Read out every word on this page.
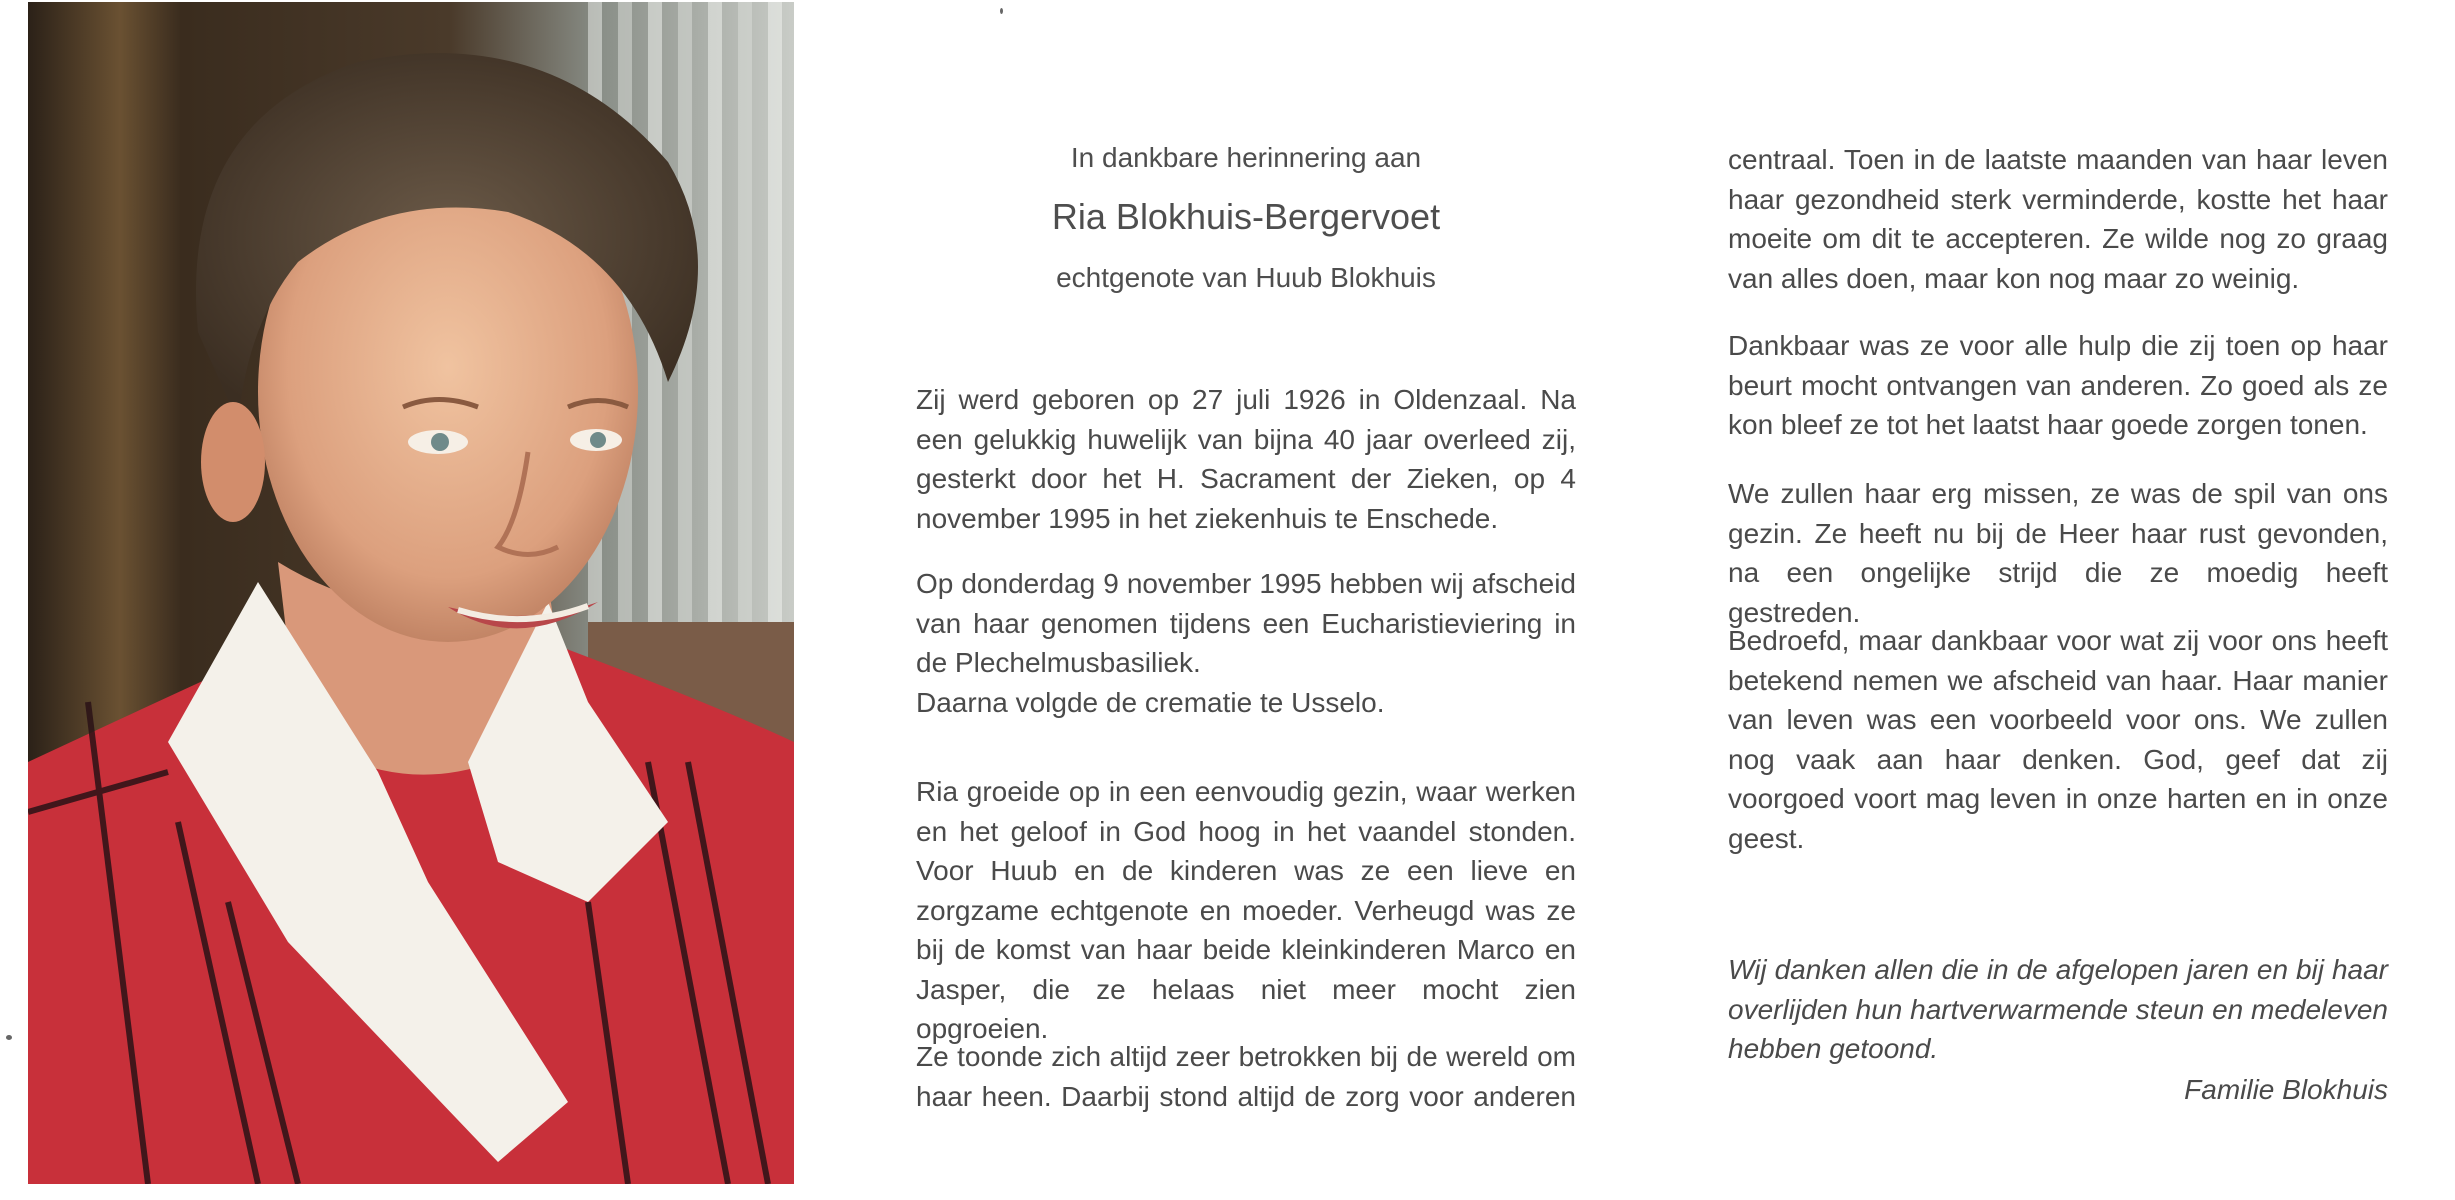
In dankbare herinnering aan
Ria Blokhuis-Bergervoet
echtgenote van Huub Blokhuis

Zij werd geboren op 27 juli 1926 in Oldenzaal. Na een gelukkig huwelijk van bijna 40 jaar overleed zij, gesterkt door het H. Sacrament der Zieken, op 4 november 1995 in het ziekenhuis te Enschede.

Op donderdag 9 november 1995 hebben wij afscheid van haar genomen tijdens een Eucharistieviering in de Plechelmusbasiliek.

Daarna volgde de crematie te Usselo.

Ria groeide op in een eenvoudig gezin, waar werken en het geloof in God hoog in het vaandel stonden. Voor Huub en de kinderen was ze een lieve en zorgzame echtgenote en moeder. Verheugd was ze bij de komst van haar beide kleinkinderen Marco en Jasper, die ze helaas niet meer mocht zien opgroeien.

Ze toonde zich altijd zeer betrokken bij de wereld om haar heen. Daarbij stond altijd de zorg voor anderen

centraal. Toen in de laatste maanden van haar leven haar gezondheid sterk verminderde, kostte het haar moeite om dit te accepteren. Ze wilde nog zo graag van alles doen, maar kon nog maar zo weinig.

Dankbaar was ze voor alle hulp die zij toen op haar beurt mocht ontvangen van anderen. Zo goed als ze kon bleef ze tot het laatst haar goede zorgen tonen.

We zullen haar erg missen, ze was de spil van ons gezin. Ze heeft nu bij de Heer haar rust gevonden, na een ongelijke strijd die ze moedig heeft gestreden.

Bedroefd, maar dankbaar voor wat zij voor ons heeft betekend nemen we afscheid van haar. Haar manier van leven was een voorbeeld voor ons. We zullen nog vaak aan haar denken. God, geef dat zij voorgoed voort mag leven in onze harten en in onze geest.

Wij danken allen die in de afgelopen jaren en bij haar overlijden hun hartverwarmende steun en medeleven hebben getoond.

Familie Blokhuis
